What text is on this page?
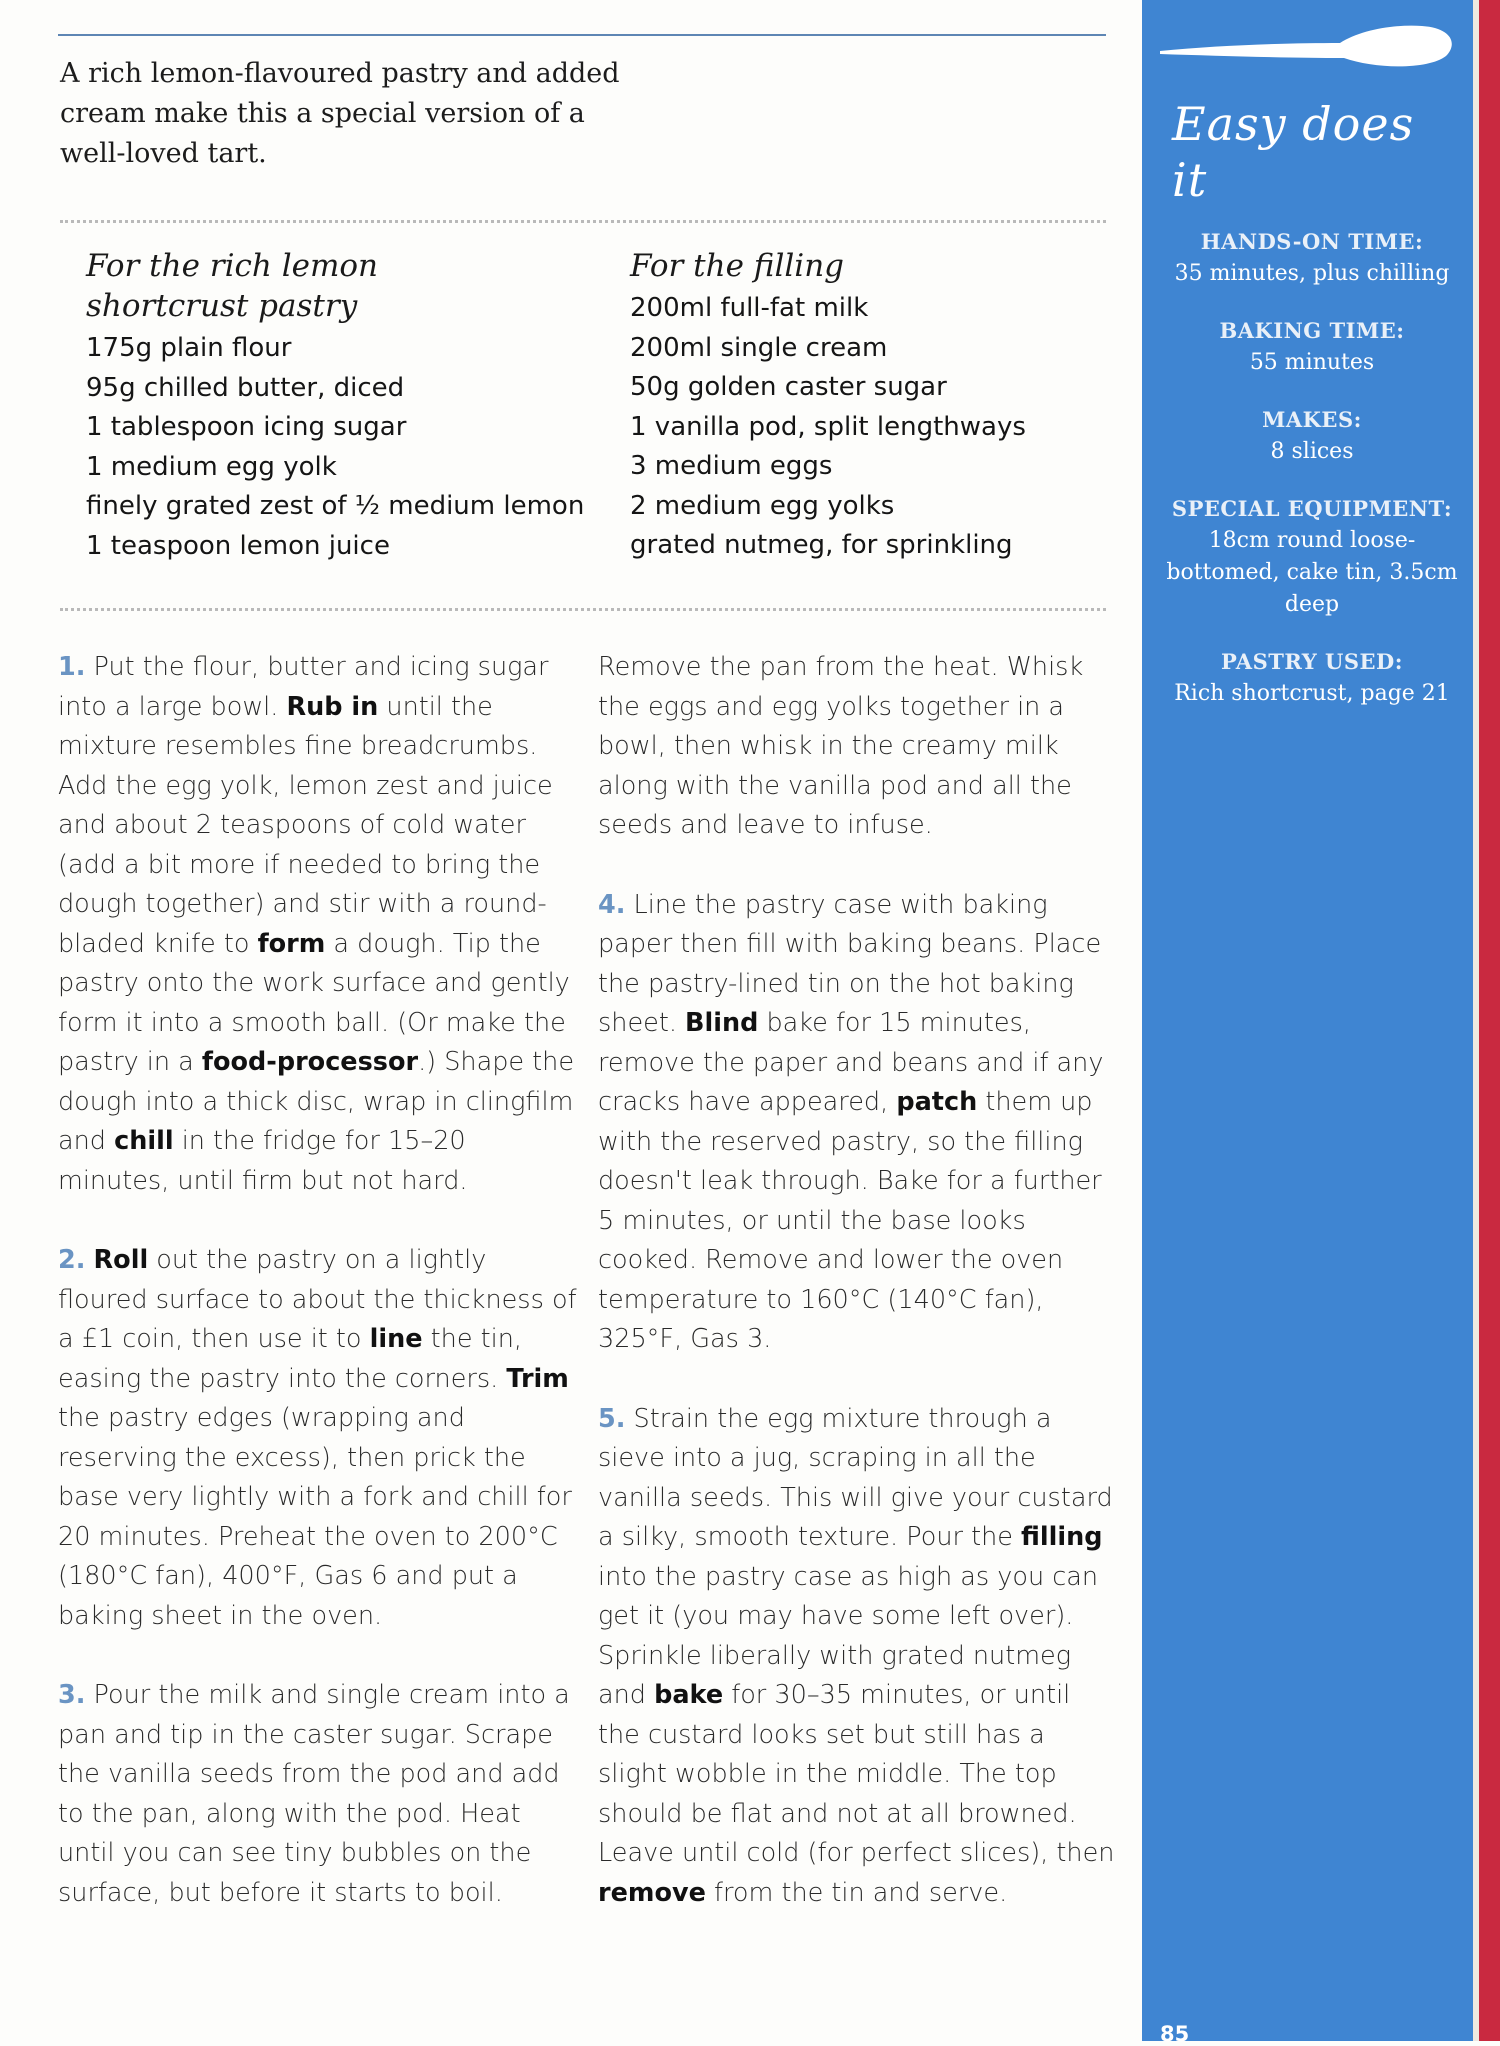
A rich lemon-flavoured pastry and added cream make this a special version of a well-loved tart.
For the rich lemon
shortcrust pastry
175g plain flour
95g chilled butter, diced
1 tablespoon icing sugar
1 medium egg yolk
finely grated zest of ½ medium lemon
1 teaspoon lemon juice
For the filling
200ml full-fat milk
200ml single cream
50g golden caster sugar
1 vanilla pod, split lengthways
3 medium eggs
2 medium egg yolks
grated nutmeg, for sprinkling

1. Put the flour, butter and icing sugar into a large bowl. Rub in until the mixture resembles fine breadcrumbs. Add the egg yolk, lemon zest and juice and about 2 teaspoons of cold water (add a bit more if needed to bring the dough together) and stir with a round-bladed knife to form a dough. Tip the pastry onto the work surface and gently form it into a smooth ball. (Or make the pastry in a food-processor.) Shape the dough into a thick disc, wrap in clingfilm and chill in the fridge for 15–20 minutes, until firm but not hard.

2. Roll out the pastry on a lightly floured surface to about the thickness of a £1 coin, then use it to line the tin, easing the pastry into the corners. Trim the pastry edges (wrapping and reserving the excess), then prick the base very lightly with a fork and chill for 20 minutes. Preheat the oven to 200°C (180°C fan), 400°F, Gas 6 and put a baking sheet in the oven.

3. Pour the milk and single cream into a pan and tip in the caster sugar. Scrape the vanilla seeds from the pod and add to the pan, along with the pod. Heat until you can see tiny bubbles on the surface, but before it starts to boil.

Remove the pan from the heat. Whisk the eggs and egg yolks together in a bowl, then whisk in the creamy milk along with the vanilla pod and all the seeds and leave to infuse.

4. Line the pastry case with baking paper then fill with baking beans. Place the pastry-lined tin on the hot baking sheet. Blind bake for 15 minutes, remove the paper and beans and if any cracks have appeared, patch them up with the reserved pastry, so the filling doesn't leak through. Bake for a further 5 minutes, or until the base looks cooked. Remove and lower the oven temperature to 160°C (140°C fan), 325°F, Gas 3.

5. Strain the egg mixture through a sieve into a jug, scraping in all the vanilla seeds. This will give your custard a silky, smooth texture. Pour the filling into the pastry case as high as you can get it (you may have some left over). Sprinkle liberally with grated nutmeg and bake for 30–35 minutes, or until the custard looks set but still has a slight wobble in the middle. The top should be flat and not at all browned. Leave until cold (for perfect slices), then remove from the tin and serve.

Easy does it
HANDS-ON TIME:
35 minutes, plus chilling
BAKING TIME:
55 minutes
MAKES:
8 slices
SPECIAL EQUIPMENT:
18cm round loose-bottomed, cake tin, 3.5cm deep
PASTRY USED:
Rich shortcrust, page 21
85
